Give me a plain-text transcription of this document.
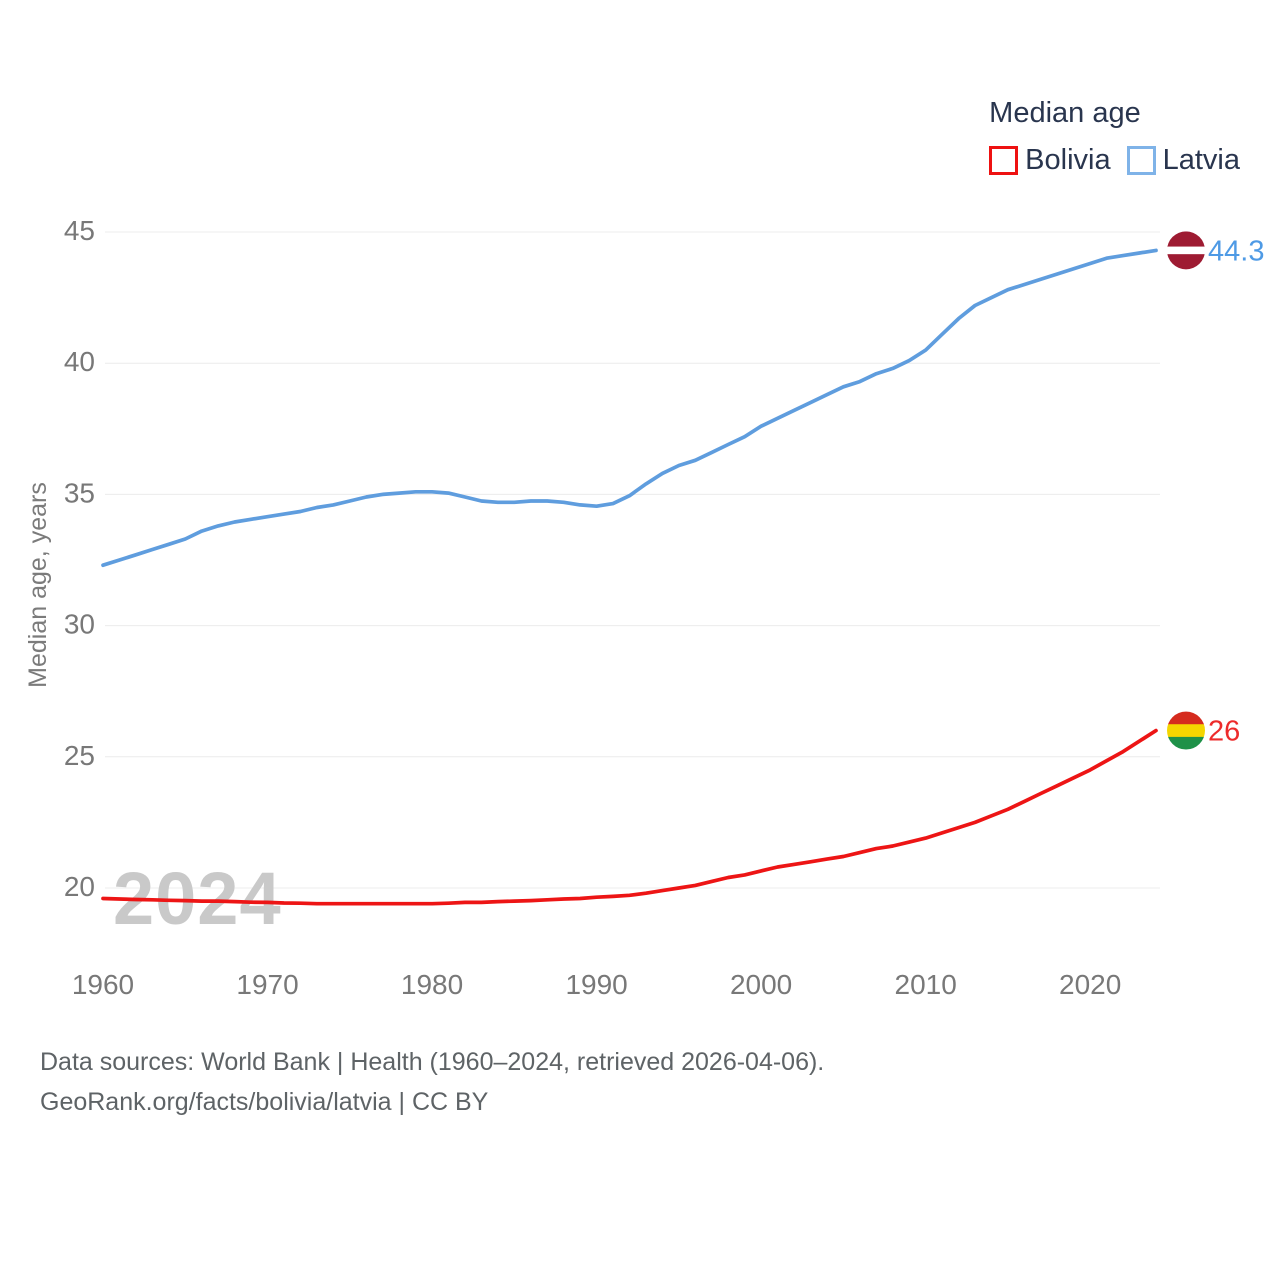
2024
20
25
30
35
40
45
1960	1970	1980	1990	2000	2010	2020
Median age, years
26
44.3
Median age
Bolivia Latvia
Data sources: World Bank | Health (1960–2024, retrieved 2026-04-06).
GeoRank.org/facts/bolivia/latvia | CC BY
